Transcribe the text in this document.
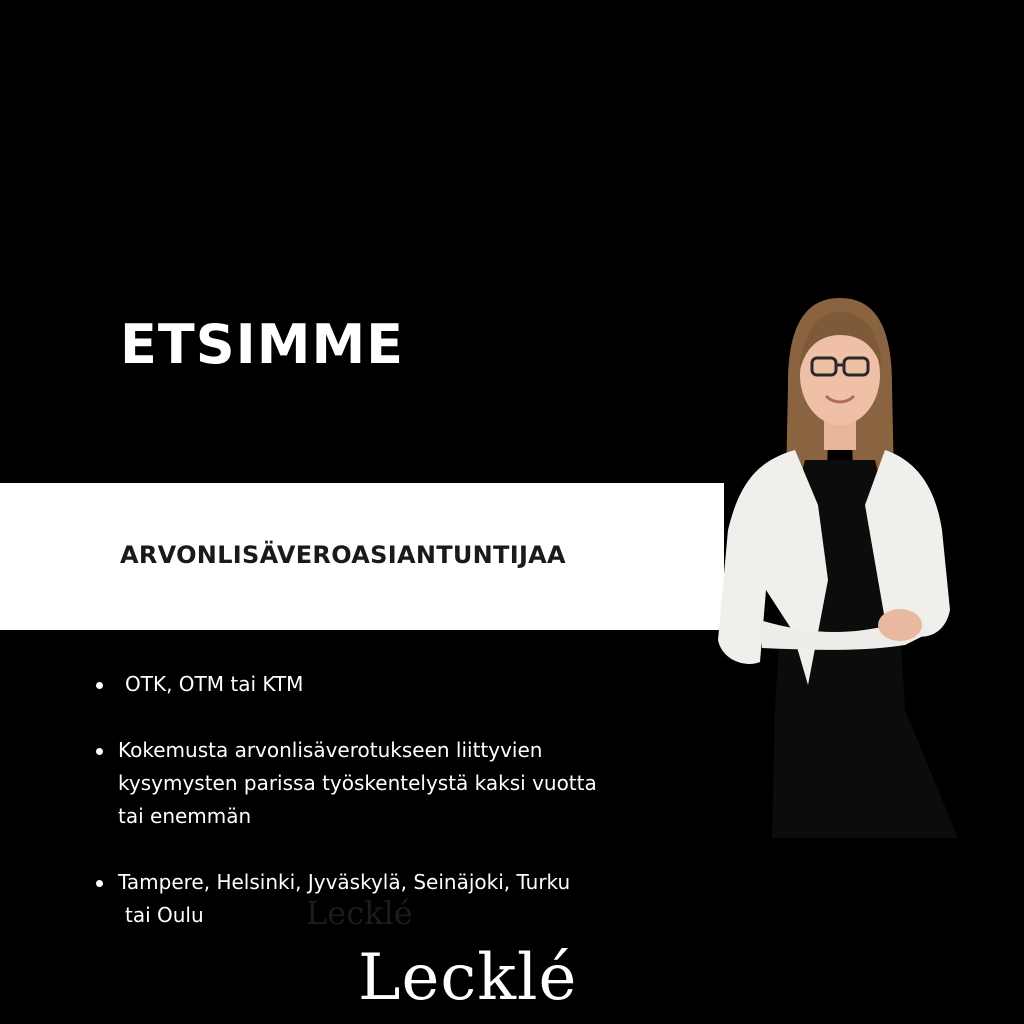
ETSIMME
ARVONLISÄVEROASIANTUNTIJAA
OTK, OTM tai KTM
Kokemusta arvonlisäverotukseen liittyvien
kysymysten parissa työskentelystä kaksi vuotta
tai enemmän
Tampere, Helsinki, Jyväskylä, Seinäjoki, Turku
tai Oulu	Lecklé
Lecklé
